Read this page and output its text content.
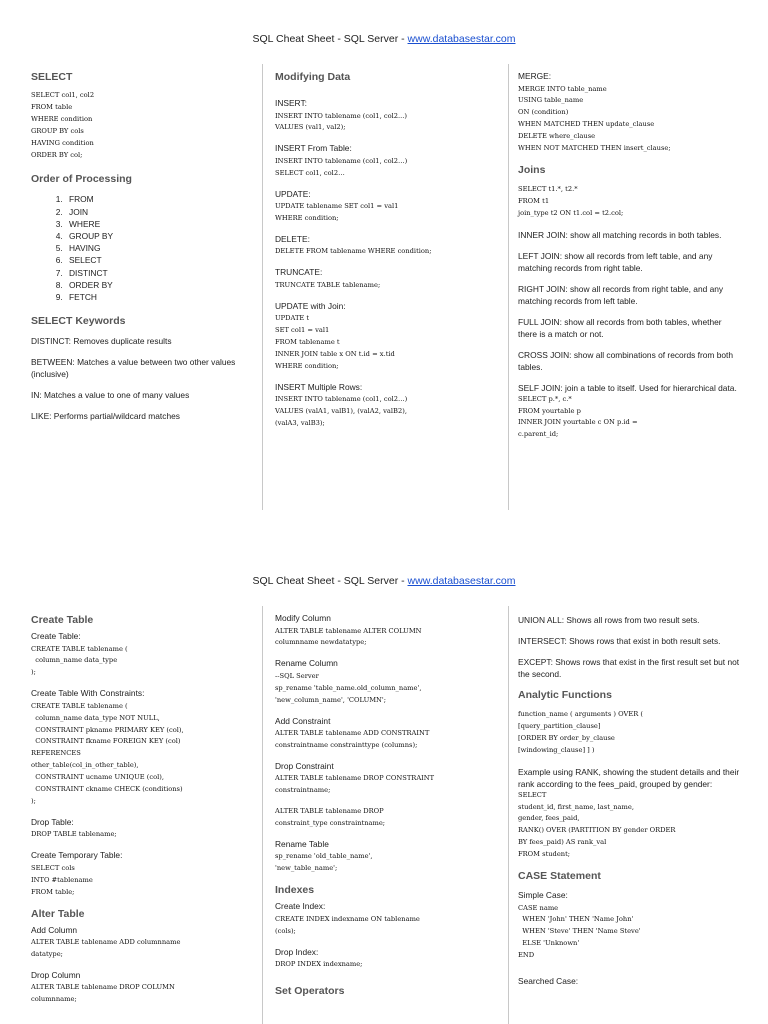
SQL Cheat Sheet - SQL Server - www.databasestar.com
SELECT
SELECT col1, col2
FROM table
WHERE condition
GROUP BY cols
HAVING condition
ORDER BY col;
Order of Processing
1. FROM
2. JOIN
3. WHERE
4. GROUP BY
5. HAVING
6. SELECT
7. DISTINCT
8. ORDER BY
9. FETCH
SELECT Keywords
DISTINCT: Removes duplicate results
BETWEEN: Matches a value between two other values (inclusive)
IN: Matches a value to one of many values
LIKE: Performs partial/wildcard matches
Modifying Data
INSERT:
INSERT INTO tablename (col1, col2...)
VALUES (val1, val2);
INSERT From Table:
INSERT INTO tablename (col1, col2…)
SELECT col1, col2…
UPDATE:
UPDATE tablename SET col1 = val1
WHERE condition;
DELETE:
DELETE FROM tablename WHERE condition;
TRUNCATE:
TRUNCATE TABLE tablename;
UPDATE with Join:
UPDATE t
SET col1 = val1
FROM tablename t
INNER JOIN table x ON t.id = x.tid
WHERE condition;
INSERT Multiple Rows:
INSERT INTO tablename (col1, col2…)
VALUES (valA1, valB1), (valA2, valB2),
(valA3, valB3);
MERGE:
MERGE INTO table_name
USING table_name
ON (condition)
WHEN MATCHED THEN update_clause
DELETE where_clause
WHEN NOT MATCHED THEN insert_clause;
Joins
SELECT t1.*, t2.*
FROM t1
join_type t2 ON t1.col = t2.col;
INNER JOIN: show all matching records in both tables.
LEFT JOIN: show all records from left table, and any matching records from right table.
RIGHT JOIN: show all records from right table, and any matching records from left table.
FULL JOIN: show all records from both tables, whether there is a match or not.
CROSS JOIN: show all combinations of records from both tables.
SELF JOIN: join a table to itself. Used for hierarchical data.
SELECT p.*, c.*
FROM yourtable p
INNER JOIN yourtable c ON p.id =
c.parent_id;
SQL Cheat Sheet - SQL Server - www.databasestar.com
Create Table
Create Table:
CREATE TABLE tablename (
column_name data_type
);
Create Table With Constraints:
CREATE TABLE tablename (
column_name data_type NOT NULL,
CONSTRAINT pkname PRIMARY KEY (col),
CONSTRAINT fkname FOREIGN KEY (col)
REFERENCES
other_table(col_in_other_table),
CONSTRAINT ucname UNIQUE (col),
CONSTRAINT ckname CHECK (conditions)
);
Drop Table:
DROP TABLE tablename;
Create Temporary Table:
SELECT cols
INTO #tablename
FROM table;
Alter Table
Add Column
ALTER TABLE tablename ADD columnname
datatype;
Drop Column
ALTER TABLE tablename DROP COLUMN
columnname;
Modify Column
ALTER TABLE tablename ALTER COLUMN
columnname newdatatype;
Rename Column
--SQL Server
sp_rename 'table_name.old_column_name',
'new_column_name', 'COLUMN';
Add Constraint
ALTER TABLE tablename ADD CONSTRAINT
constraintname constrainttype (columns);
Drop Constraint
ALTER TABLE tablename DROP CONSTRAINT
constraintname;
ALTER TABLE tablename DROP
constraint_type constraintname;
Rename Table
sp_rename 'old_table_name',
'new_table_name';
Indexes
Create Index:
CREATE INDEX indexname ON tablename
(cols);
Drop Index:
DROP INDEX indexname;
Set Operators
UNION ALL: Shows all rows from two result sets.
INTERSECT: Shows rows that exist in both result sets.
EXCEPT: Shows rows that exist in the first result set but not the second.
Analytic Functions
function_name ( arguments ) OVER (
[query_partition_clause]
[ORDER BY order_by_clause
[windowing_clause] ] )
Example using RANK, showing the student details and their rank according to the fees_paid, grouped by gender:
SELECT
student_id, first_name, last_name,
gender, fees_paid,
RANK() OVER (PARTITION BY gender ORDER
BY fees_paid) AS rank_val
FROM student;
CASE Statement
Simple Case:
CASE name
WHEN 'John' THEN 'Name John'
WHEN 'Steve' THEN 'Name Steve'
ELSE 'Unknown'
END
Searched Case:
